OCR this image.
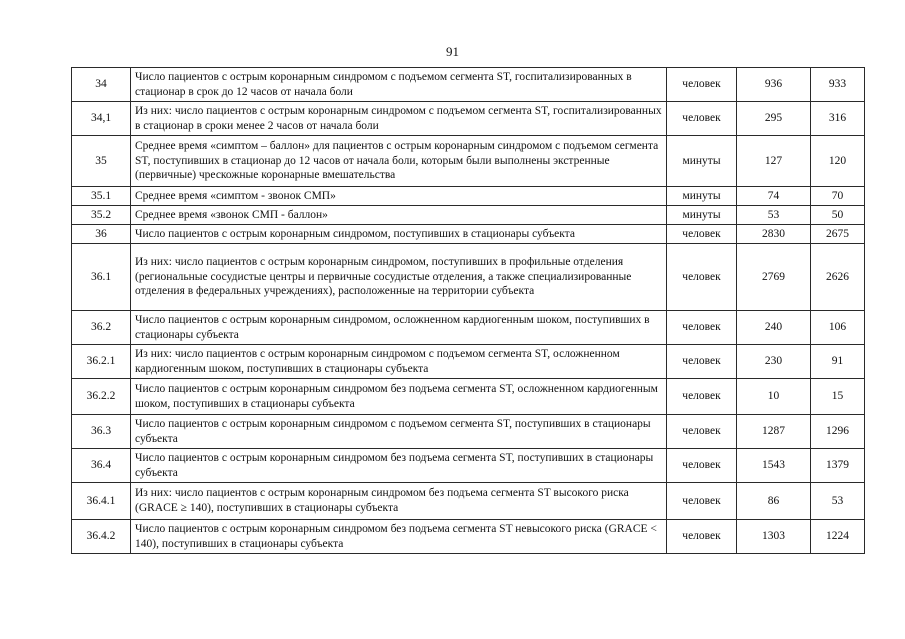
91
34	Число пациентов с острым коронарным синдромом с подъемом сегмента ST, госпитализированных в стационар в срок до 12 часов от начала боли	человек	936	933
34,1	Из них: число пациентов с острым коронарным синдромом с подъемом сегмента ST, госпитализированных в стационар в сроки менее 2 часов от начала боли	человек	295	316
35	Среднее время «симптом – баллон» для пациентов с острым коронарным синдромом с подъемом сегмента ST, поступивших в стационар до 12 часов от начала боли, которым были выполнены экстренные (первичные) чрескожные коронарные вмешательства	минуты	127	120
35.1	Среднее время «симптом - звонок СМП»	минуты	74	70
35.2	Среднее время «звонок СМП - баллон»	минуты	53	50
36	Число пациентов с острым коронарным синдромом, поступивших в стационары субъекта	человек	2830	2675
36.1	Из них: число пациентов с острым коронарным синдромом, поступивших в профильные отделения (региональные сосудистые центры и первичные сосудистые отделения, а также специализированные отделения в федеральных учреждениях), расположенные на территории субъекта	человек	2769	2626
36.2	Число пациентов с острым коронарным синдромом, осложненном кардиогенным шоком, поступивших в стационары субъекта	человек	240	106
36.2.1	Из них: число пациентов с острым коронарным синдромом с подъемом сегмента ST, осложненном кардиогенным шоком, поступивших в стационары субъекта	человек	230	91
36.2.2	Число пациентов с острым коронарным синдромом без подъема сегмента ST, осложненном кардиогенным шоком, поступивших в стационары субъекта	человек	10	15
36.3	Число пациентов с острым коронарным синдромом с подъемом сегмента ST, поступивших в стационары субъекта	человек	1287	1296
36.4	Число пациентов с острым коронарным синдромом без подъема сегмента ST, поступивших в стационары субъекта	человек	1543	1379
36.4.1	Из них: число пациентов с острым коронарным синдромом без подъема сегмента ST высокого риска (GRACE ≥ 140), поступивших в стационары субъекта	человек	86	53
36.4.2	Число пациентов с острым коронарным синдромом без подъема сегмента ST невысокого риска (GRACE < 140), поступивших в стационары субъекта	человек	1303	1224
